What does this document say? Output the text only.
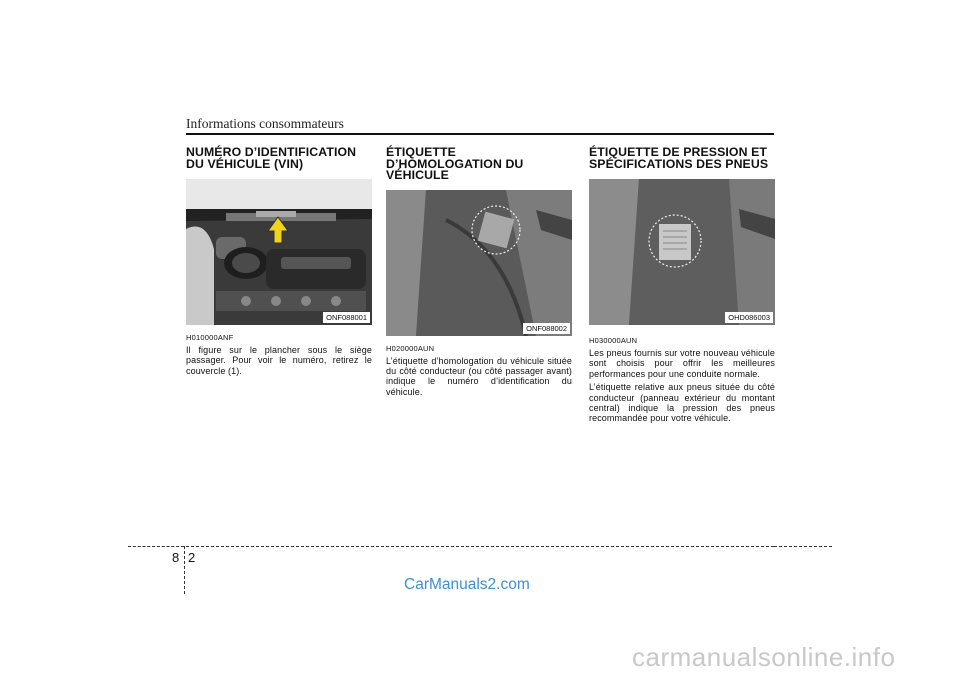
Informations consommateurs
NUMÉRO D’IDENTIFICATION
DU VÉHICULE (VIN)
ONF088001
H010000ANF

Il figure sur le plancher sous le siège passager. Pour voir le numéro, retirez le couvercle (1).

ÉTIQUETTE
D’HOMOLOGATION DU
VÉHICULE
ONF088002
H020000AUN

L’étiquette d’homologation du véhicule située du côté conducteur (ou côté passager avant) indique le numéro d’identification du véhicule.

ÉTIQUETTE DE PRESSION ET
SPÉCIFICATIONS DES PNEUS
OHD086003
H030000AUN

Les pneus fournis sur votre nouveau véhicule sont choisis pour offrir les meilleures performances pour une conduite normale.

L’étiquette relative aux pneus située du côté conducteur (panneau extérieur du montant central) indique la pression des pneus recommandée pour votre véhicule.

8 2
CarManuals2.com
carmanualsonline.info
